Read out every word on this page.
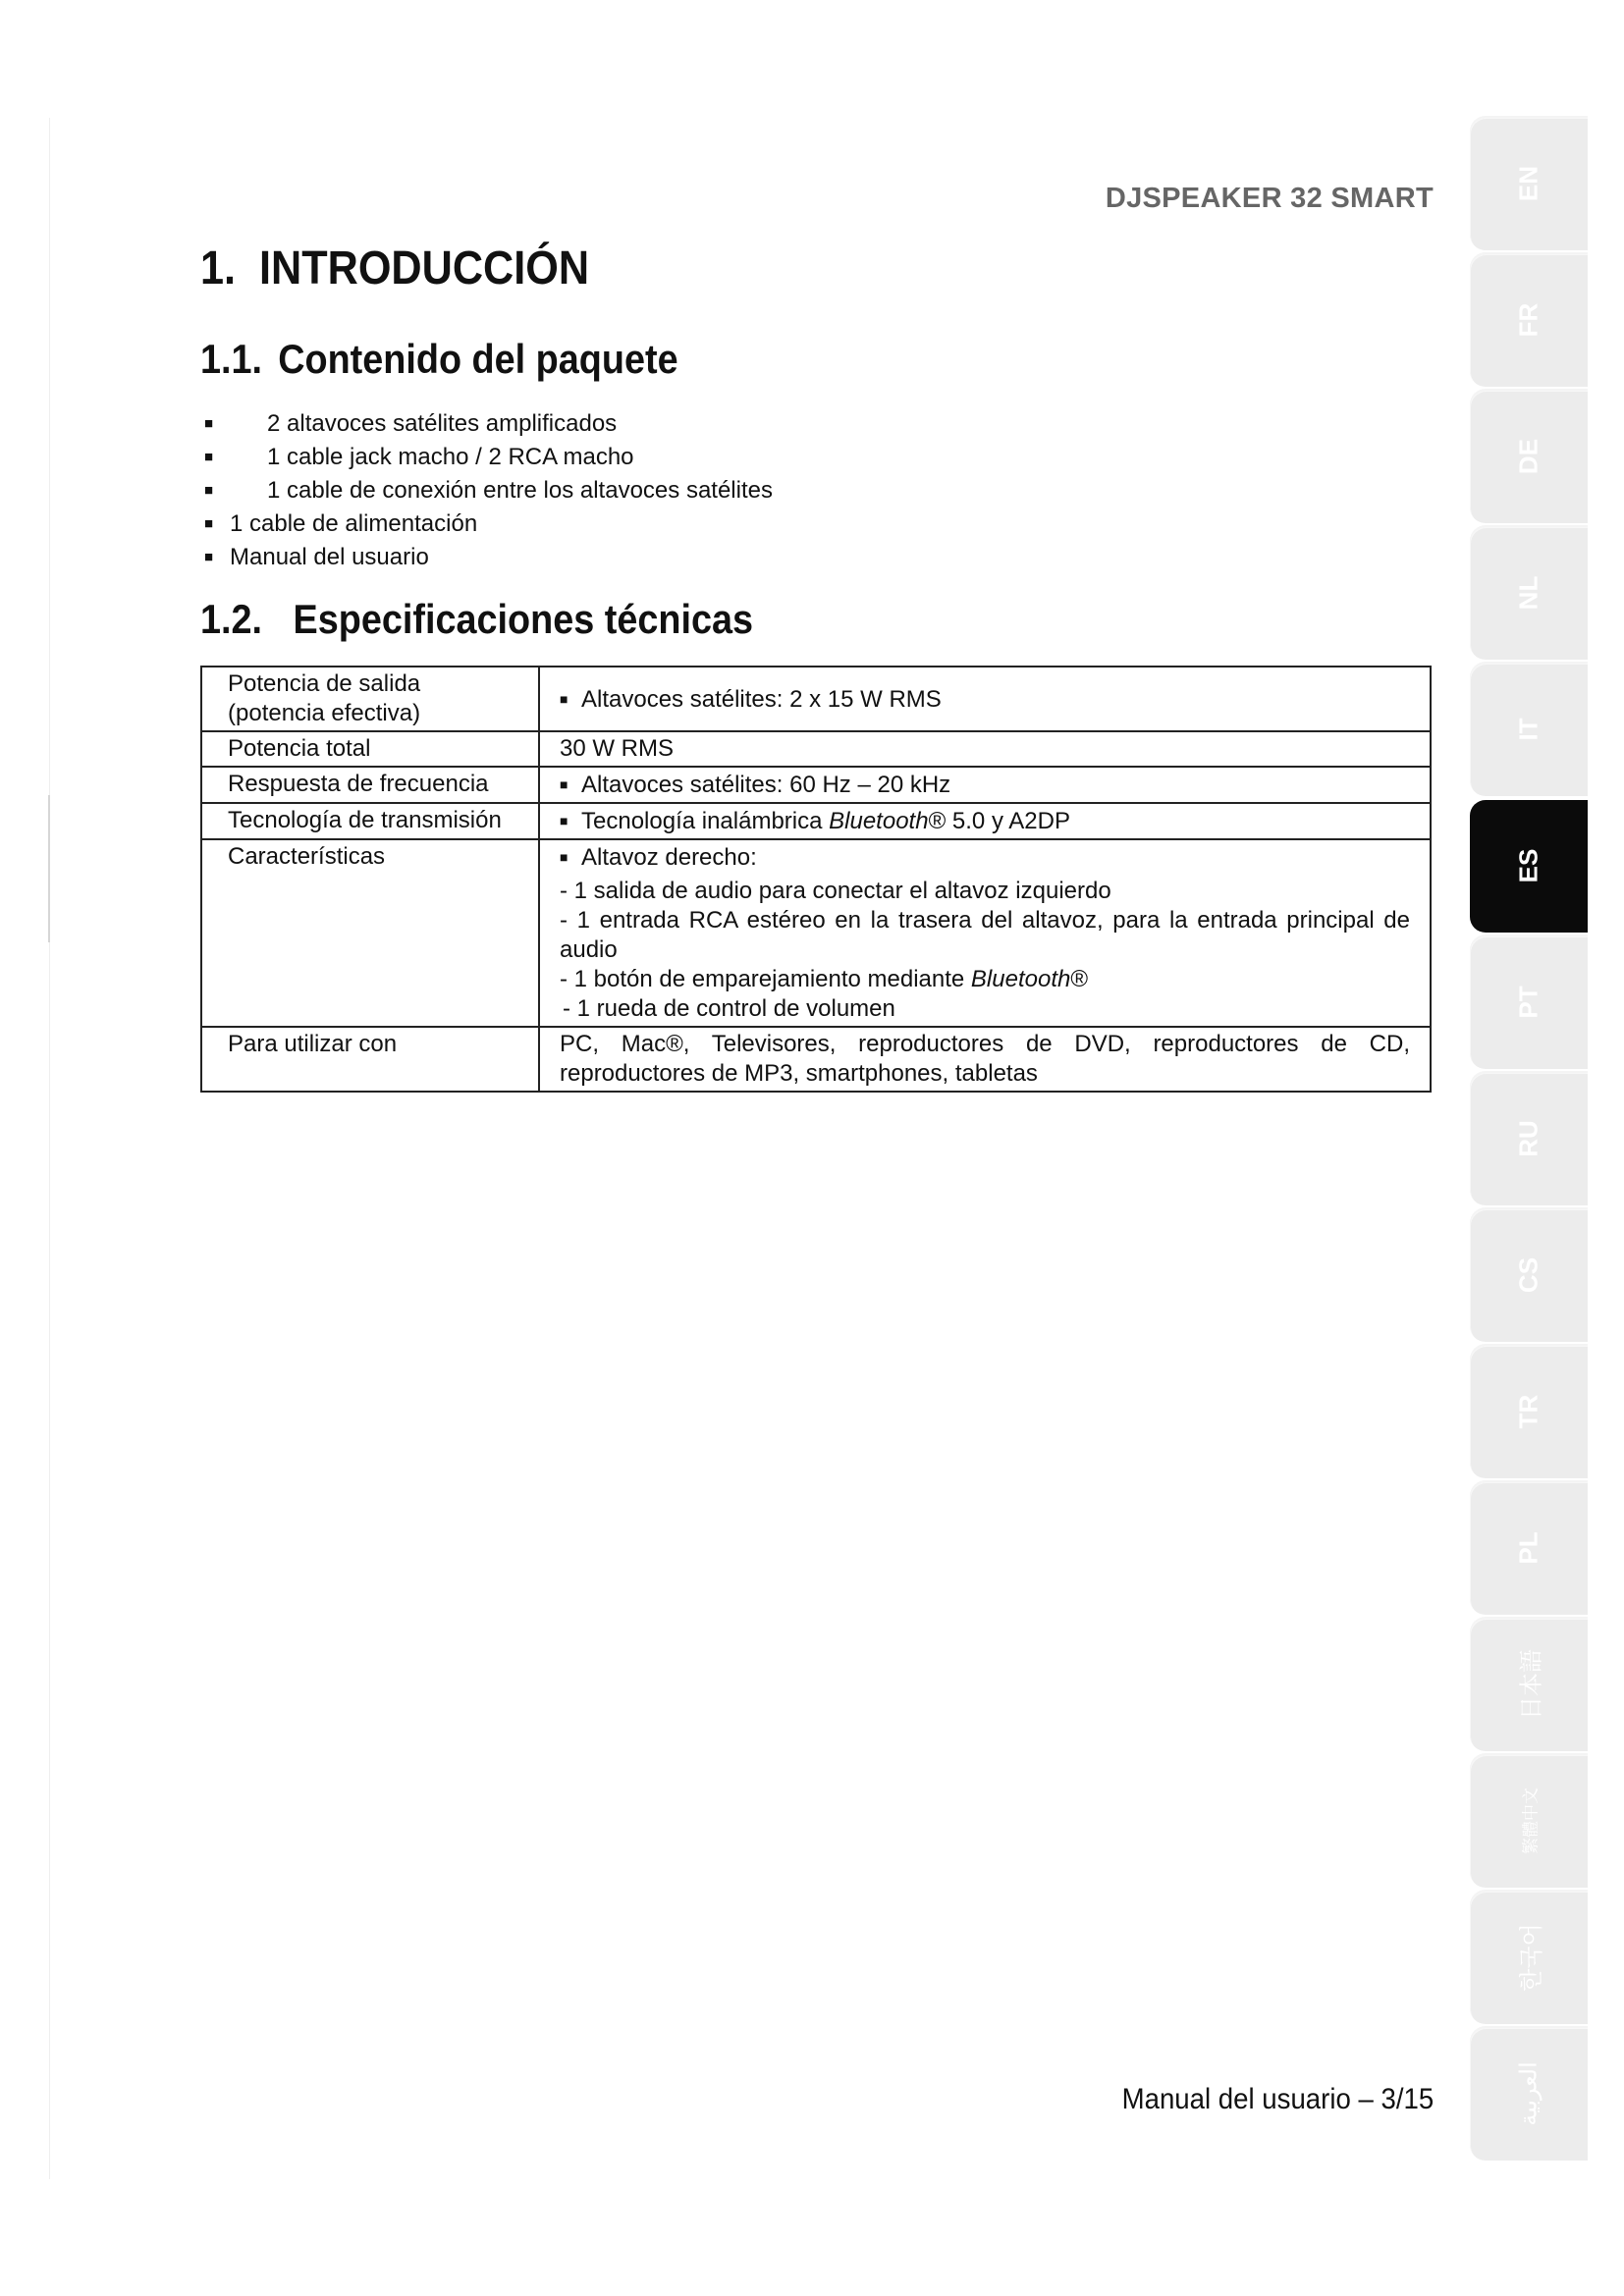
DJSPEAKER 32 SMART
1. INTRODUCCIÓN
1.1. Contenido del paquete
■ 2 altavoces satélites amplificados
■ 1 cable jack macho / 2 RCA macho
■ 1 cable de conexión entre los altavoces satélites
■ 1 cable de alimentación
■ Manual del usuario
1.2. Especificaciones técnicas
Potencia de salida
(potencia efectiva)	■ Altavoces satélites: 2 x 15 W RMS
Potencia total	30 W RMS
Respuesta de frecuencia	■ Altavoces satélites: 60 Hz – 20 kHz
Tecnología de transmisión	■ Tecnología inalámbrica Bluetooth® 5.0 y A2DP
Características	■ Altavoz derecho:
- 1 salida de audio para conectar el altavoz izquierdo
- 1 entrada RCA estéreo en la trasera del altavoz, para la entrada principal de audio
- 1 botón de emparejamiento mediante Bluetooth®
- 1 rueda de control de volumen

Para utilizar con	PC, Mac®, Televisores, reproductores de DVD, reproductores de CD, reproductores de MP3, smartphones, tabletas
Manual del usuario – 3/15
EN
FR
DE
NL
IT
ES
PT
RU
CS
TR
PL
日本語
繁體中文
한국어
العربية
